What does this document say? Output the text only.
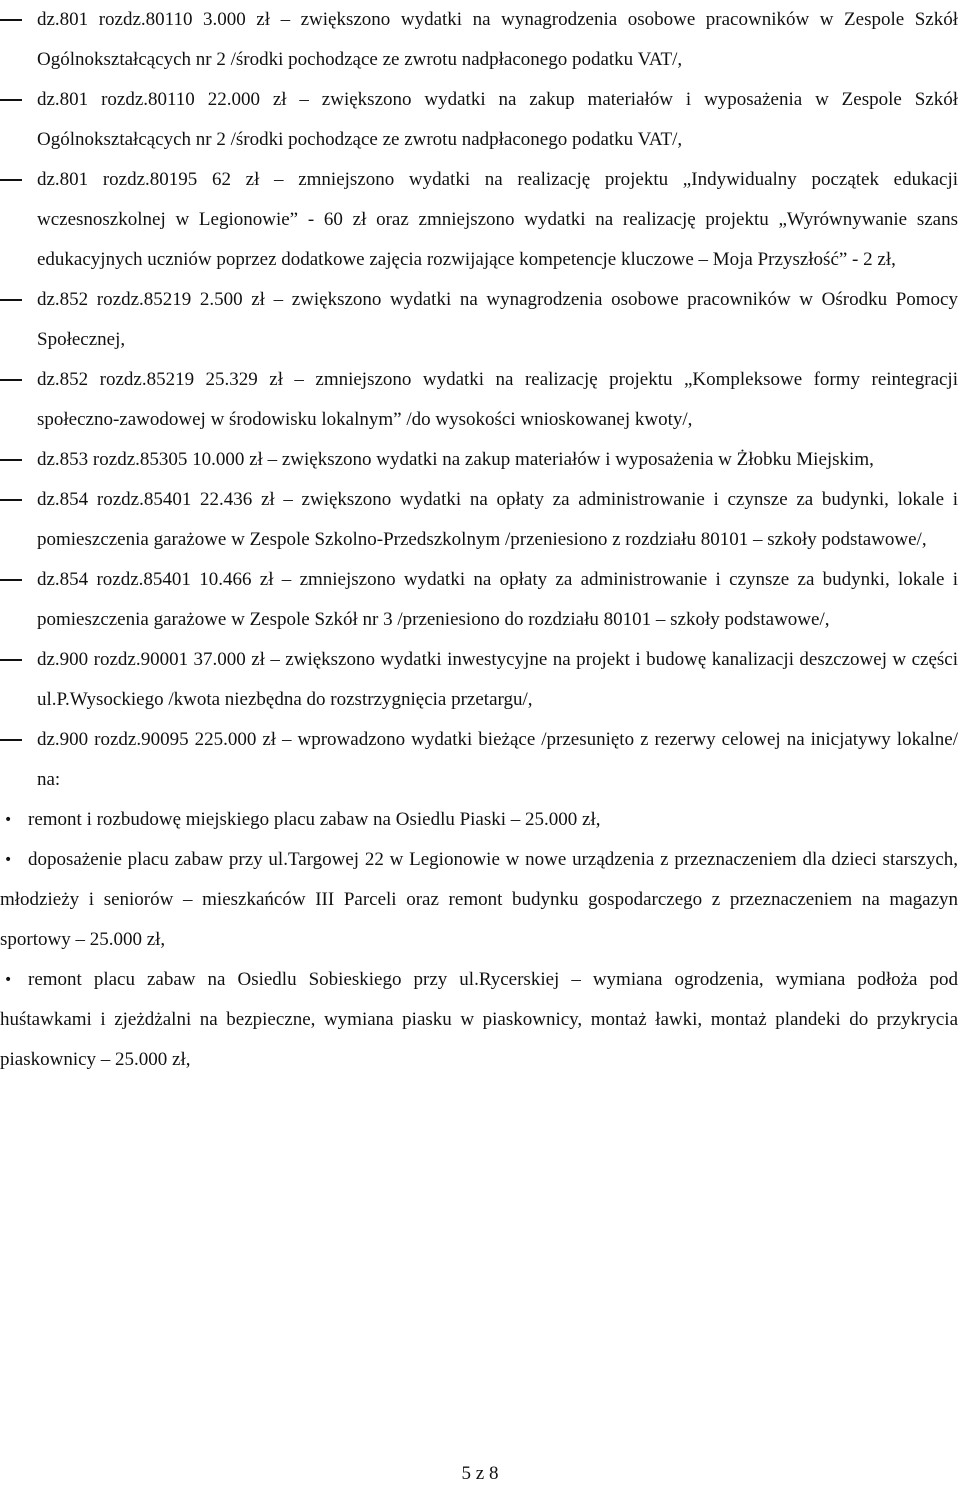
dz.801 rozdz.80110 3.000 zł – zwiększono wydatki na wynagrodzenia osobowe pracowników w Zespole Szkół Ogólnokształcących nr 2 /środki pochodzące ze zwrotu nadpłaconego podatku VAT/,
dz.801 rozdz.80110 22.000 zł – zwiększono wydatki na zakup materiałów i wyposażenia w Zespole Szkół Ogólnokształcących nr 2 /środki pochodzące ze zwrotu nadpłaconego podatku VAT/,
dz.801 rozdz.80195 62 zł – zmniejszono wydatki na realizację projektu „Indywidualny początek edukacji wczesnoszkolnej w Legionowie” - 60 zł oraz zmniejszono wydatki na realizację projektu „Wyrównywanie szans edukacyjnych uczniów poprzez dodatkowe zajęcia rozwijające kompetencje kluczowe – Moja Przyszłość” - 2 zł,
dz.852 rozdz.85219 2.500 zł – zwiększono wydatki na wynagrodzenia osobowe pracowników w Ośrodku Pomocy Społecznej,
dz.852 rozdz.85219 25.329 zł – zmniejszono wydatki na realizację projektu „Kompleksowe formy reintegracji społeczno-zawodowej w środowisku lokalnym” /do wysokości wnioskowanej kwoty/,
dz.853 rozdz.85305 10.000 zł – zwiększono wydatki na zakup materiałów i wyposażenia w Żłobku Miejskim,
dz.854 rozdz.85401 22.436 zł – zwiększono wydatki na opłaty za administrowanie i czynsze za budynki, lokale i pomieszczenia garażowe w Zespole Szkolno-Przedszkolnym /przeniesiono z rozdziału 80101 – szkoły podstawowe/,
dz.854 rozdz.85401 10.466 zł – zmniejszono wydatki na opłaty za administrowanie i czynsze za budynki, lokale i pomieszczenia garażowe w Zespole Szkół nr 3 /przeniesiono do rozdziału 80101 – szkoły podstawowe/,
dz.900 rozdz.90001 37.000 zł – zwiększono wydatki inwestycyjne na projekt i budowę kanalizacji deszczowej w części ul.P.Wysockiego /kwota niezbędna do rozstrzygnięcia przetargu/,
dz.900 rozdz.90095 225.000 zł – wprowadzono wydatki bieżące /przesunięto z rezerwy celowej na inicjatywy lokalne/ na:
• remont i rozbudowę miejskiego placu zabaw na Osiedlu Piaski – 25.000 zł,
• doposażenie placu zabaw przy ul.Targowej 22 w Legionowie w nowe urządzenia z przeznaczeniem dla dzieci starszych, młodzieży i seniorów – mieszkańców III Parceli oraz remont budynku gospodarczego z przeznaczeniem na magazyn sportowy – 25.000 zł,
• remont placu zabaw na Osiedlu Sobieskiego przy ul.Rycerskiej – wymiana ogrodzenia, wymiana podłoża pod huśtawkami i zjeżdżalni na bezpieczne, wymiana piasku w piaskownicy, montaż ławki, montaż plandeki do przykrycia piaskownicy – 25.000 zł,
5 z 8
